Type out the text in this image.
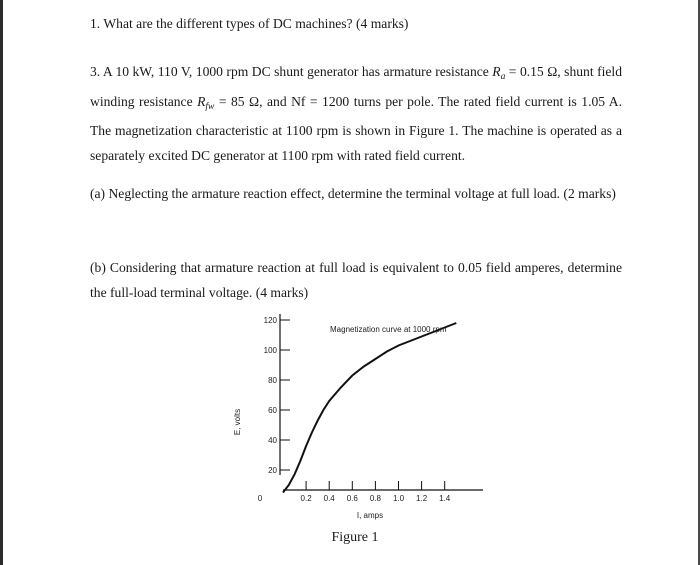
1. What are the different types of DC machines? (4 marks)

3. A 10 kW, 110 V, 1000 rpm DC shunt generator has armature resistance $R_a = 0.15$ Ω, shunt field winding resistance $R_{fw} = 85$ Ω, and Nf = 1200 turns per pole. The rated field current is 1.05 A. The magnetization characteristic at 1100 rpm is shown in Figure 1. The machine is operated as a separately excited DC generator at 1100 rpm with rated field current.

(a) Neglecting the armature reaction effect, determine the terminal voltage at full load. (2 marks)

(b) Considering that armature reaction at full load is equivalent to 0.05 field amperes, determine the full-load terminal voltage. (4 marks)

20
40
60
80
100
120
0.2 0.4 0.6 0.8 1.0 1.2 1.4
Magnetization curve at 1000 rpm
E, volts
I, amps
0
Figure 1
